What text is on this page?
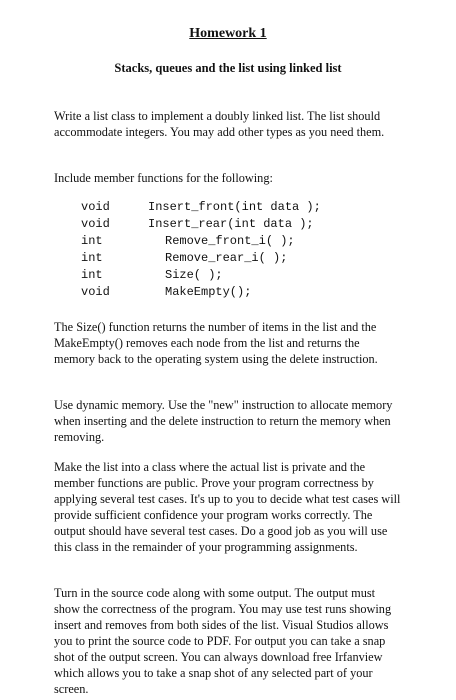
Homework 1
Stacks, queues and the list using linked list

Write a list class to implement a doubly linked list. The list should accommodate integers. You may add other types as you need them.

Include member functions for the following:

void	Insert_front(int data );
void	Insert_rear(int data );
int	Remove_front_i( );
int	Remove_rear_i( );
int	Size( );
void	MakeEmpty();

The Size() function returns the number of items in the list and the MakeEmpty() removes each node from the list and returns the memory back to the operating system using the delete instruction.

Use dynamic memory. Use the "new" instruction to allocate memory when inserting and the delete instruction to return the memory when removing.

Make the list into a class where the actual list is private and the member functions are public. Prove your program correctness by applying several test cases. It's up to you to decide what test cases will provide sufficient confidence your program works correctly. The output should have several test cases. Do a good job as you will use this class in the remainder of your programming assignments.

Turn in the source code along with some output. The output must show the correctness of the program. You may use test runs showing insert and removes from both sides of the list. Visual Studios allows you to print the source code to PDF. For output you can take a snap shot of the output screen. You can always download free Irfanview which allows you to take a snap shot of any selected part of your screen.
